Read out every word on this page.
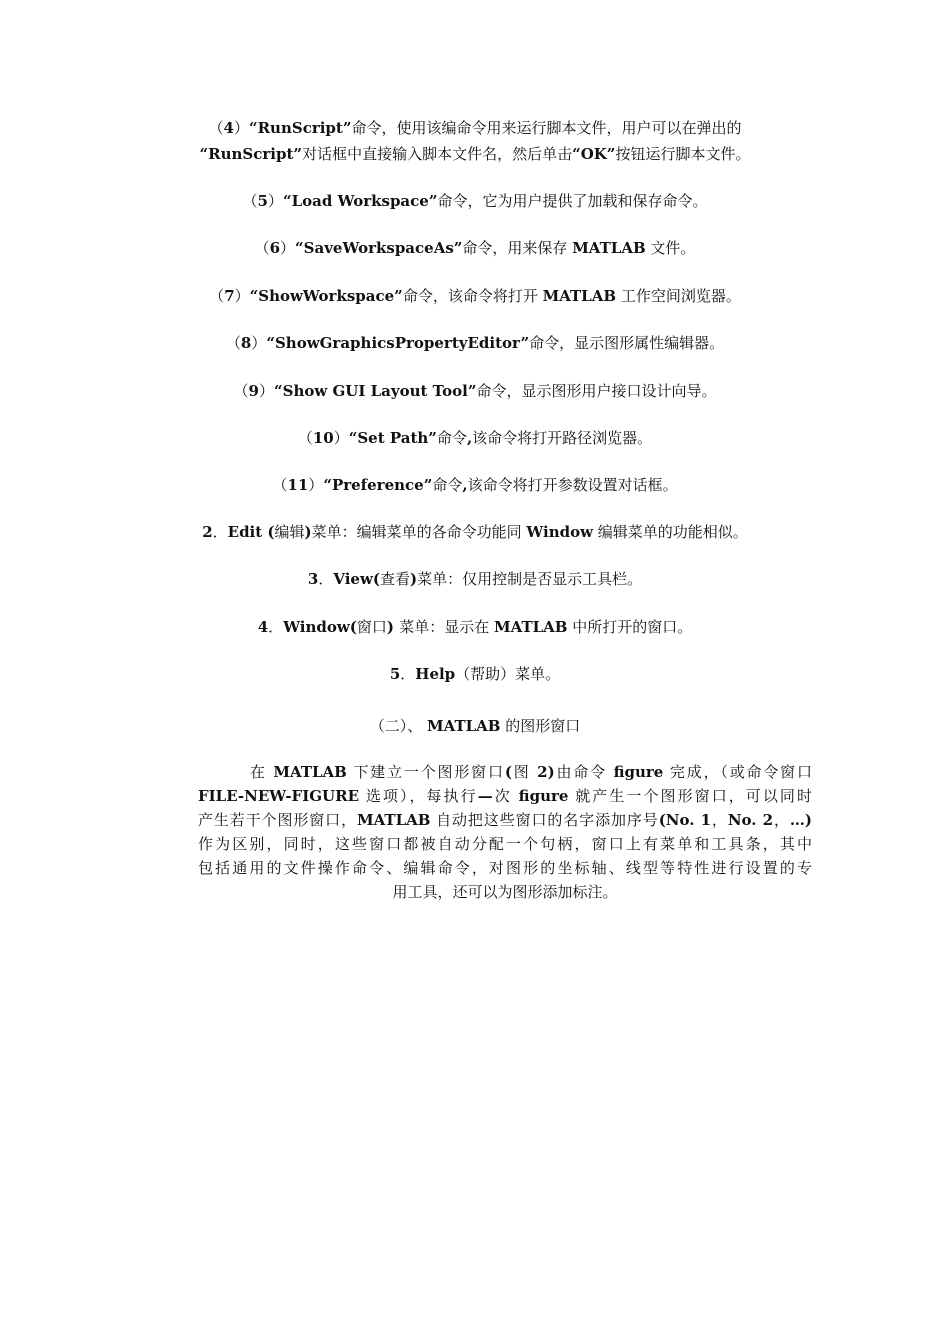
（4）“RunScript”命令，使用该编命令用来运行脚本文件，用户可以在弹出的
“RunScript”对话框中直接输入脚本文件名，然后单击“OK”按钮运行脚本文件。
（5）“Load Workspace”命令，它为用户提供了加载和保存命令。
（6）“SaveWorkspaceAs”命令，用来保存 MATLAB 文件。
（7）“ShowWorkspace”命令，该命令将打开 MATLAB 工作空间浏览器。
（8）“ShowGraphicsPropertyEditor”命令，显示图形属性编辑器。
（9）“Show GUI Layout Tool”命令，显示图形用户接口设计向导。
（10）“Set Path”命令,该命令将打开路径浏览器。
（11）“Preference”命令,该命令将打开参数设置对话框。
2．Edit (编辑)菜单：编辑菜单的各命令功能同 Window 编辑菜单的功能相似。
3．View(查看)菜单：仅用控制是否显示工具栏。
4．Window(窗口) 菜单：显示在 MATLAB 中所打开的窗口。
5．Help（帮助）菜单。
（二）、 MATLAB 的图形窗口
在 MATLAB 下建立一个图形窗口(图 2)由命令 figure 完成，（或命令窗口
FILE-NEW-FIGURE 选项），每执行—次 figure 就产生一个图形窗口，可以同时
产生若干个图形窗口，MATLAB 自动把这些窗口的名字添加序号(No. 1，No. 2，…)
作为区别，同时，这些窗口都被自动分配一个句柄，窗口上有菜单和工具条，其中
包括通用的文件操作命令、编辑命令，对图形的坐标轴、线型等特性进行设置的专
用工具，还可以为图形添加标注。
